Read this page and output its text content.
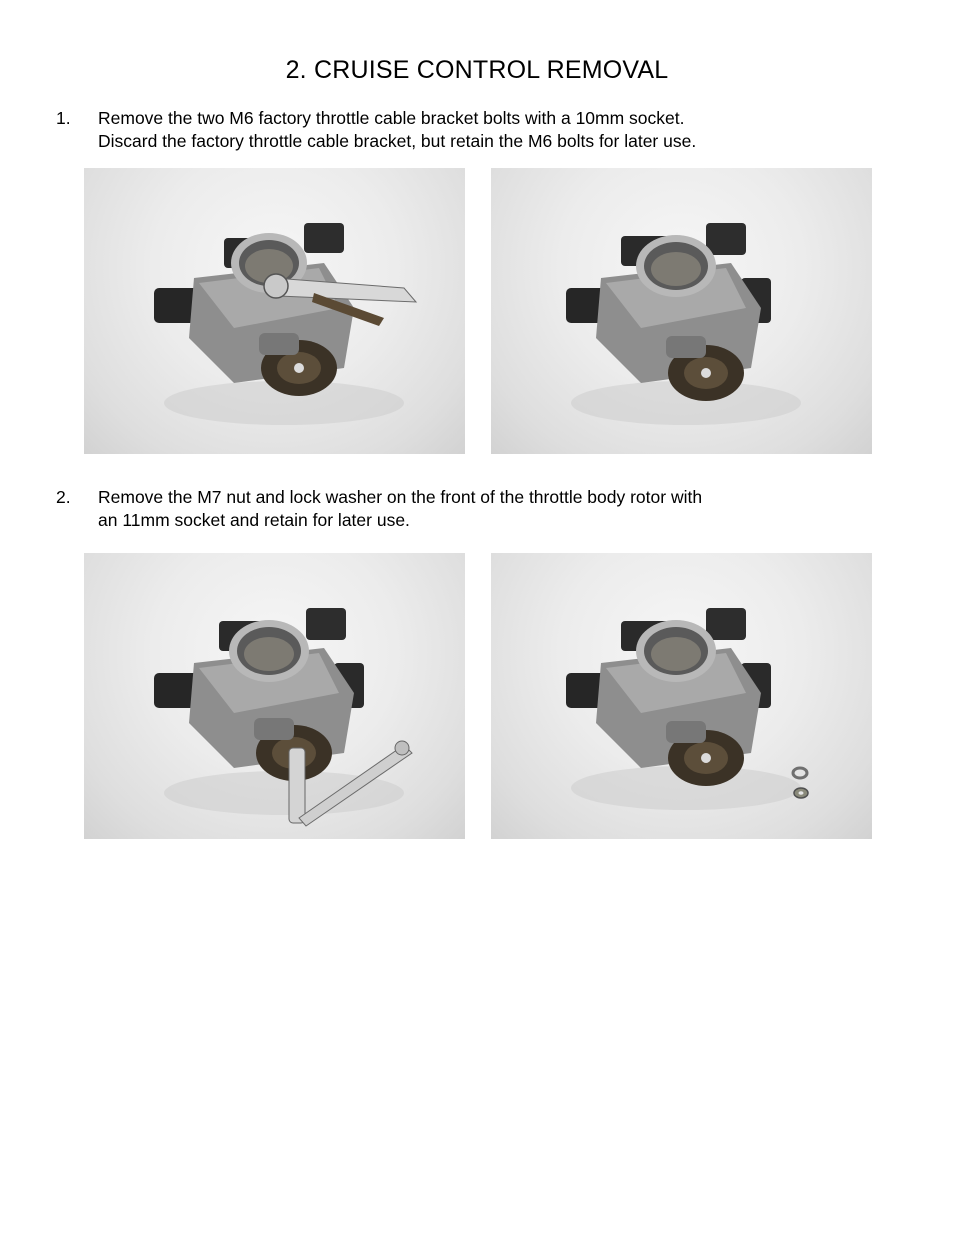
2. CRUISE CONTROL REMOVAL
1. Remove the two M6 factory throttle cable bracket bolts with a 10mm socket.
Discard the factory throttle cable bracket, but retain the M6 bolts for later use.
2. Remove the M7 nut and lock washer on the front of the throttle body rotor with
an 11mm socket and retain for later use.
